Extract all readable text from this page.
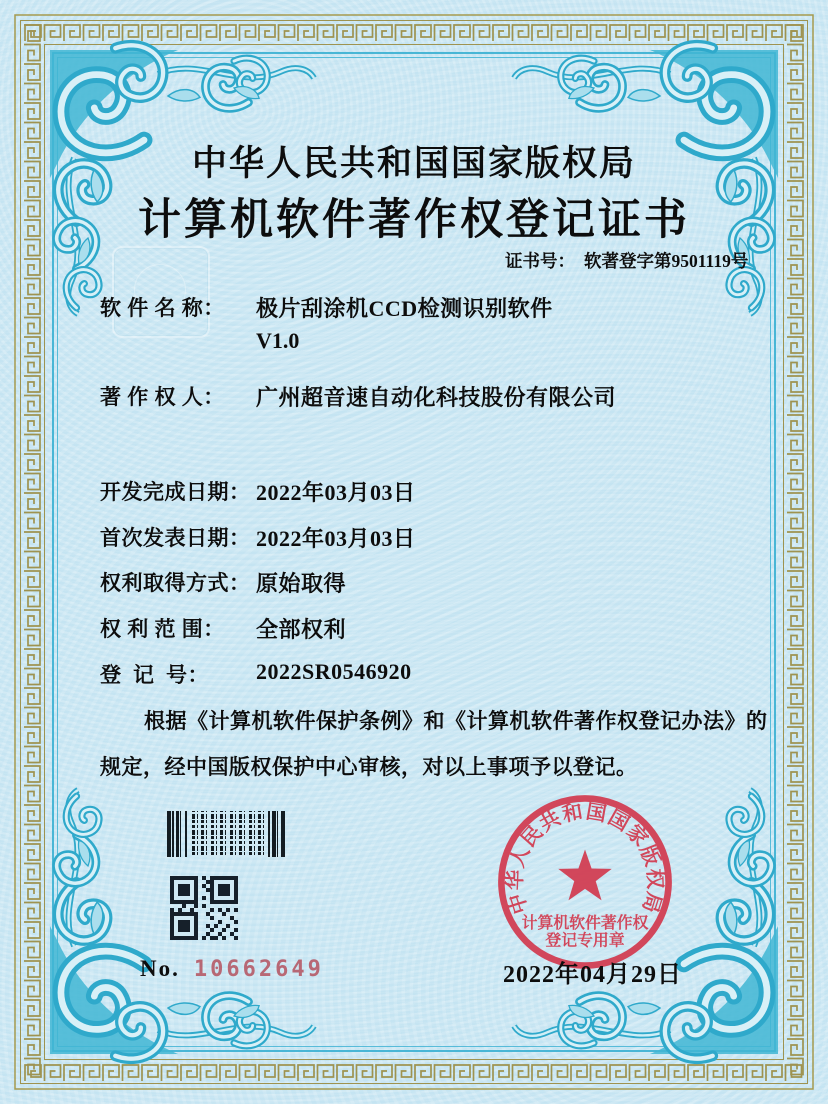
中华人民共和国国家版权局
计算机软件著作权登记证书
证书号： 软著登字第9501119号
软 件 名 称： 极片刮涂机CCD检测识别软件
V1.0
著 作 权 人： 广州超音速自动化科技股份有限公司
开发完成日期： 2022年03月03日
首次发表日期： 2022年03月03日
权利取得方式： 原始取得
权 利 范 围： 全部权利
登  记  号： 2022SR0546920
根据《计算机软件保护条例》和《计算机软件著作权登记办法》的
规定，经中国版权保护中心审核，对以上事项予以登记。
No. 10662649
中华人民共和国国家版权局
计算机软件著作权
登记专用章
2022年04月29日
